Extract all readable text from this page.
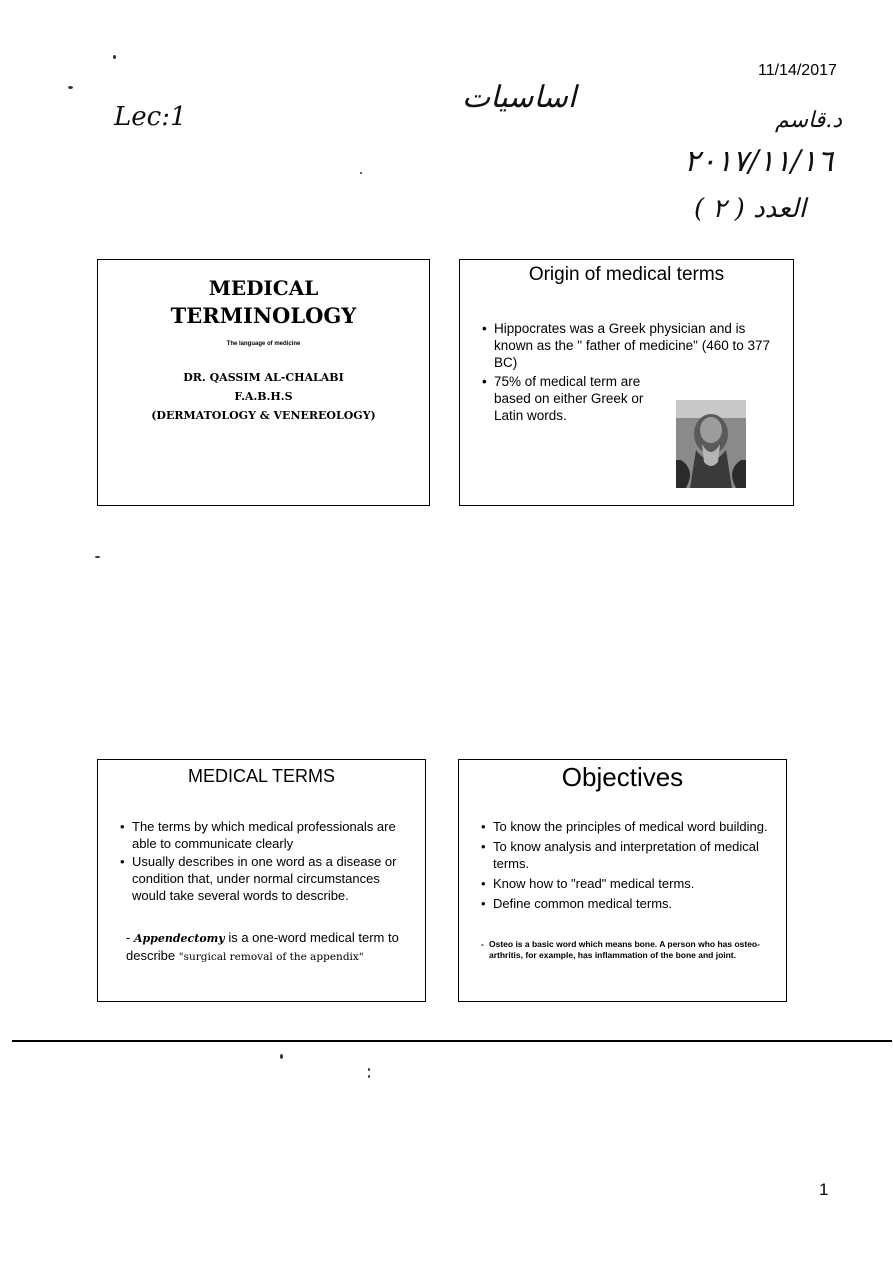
11/14/2017
Lec:1
اساسيات
د.قاسم
٢٠١٧/١١/١٦
العدد ( ٢ )
MEDICAL
TERMINOLOGY
The language of medicine
DR. QASSIM AL-CHALABI
F.A.B.H.S
(DERMATOLOGY & VENEREOLOGY)
Origin of medical terms
• Hippocrates was a Greek physician and is known as the " father of medicine" (460 to 377 BC)
• 75% of medical term are based on either Greek or Latin words.
MEDICAL TERMS
• The terms by which medical professionals are able to communicate clearly
• Usually describes in one word as a disease or condition that, under normal circumstances would take several words to describe.
- Appendectomy is a one-word medical term to describe "surgical removal of the appendix"
Objectives
• To know the principles of medical word building.
• To know analysis and interpretation of medical terms.
• Know how to "read" medical terms.
• Define common medical terms.
- Osteo is a basic word which means bone. A person who has osteo-arthritis, for example, has inflammation of the bone and joint.
1
